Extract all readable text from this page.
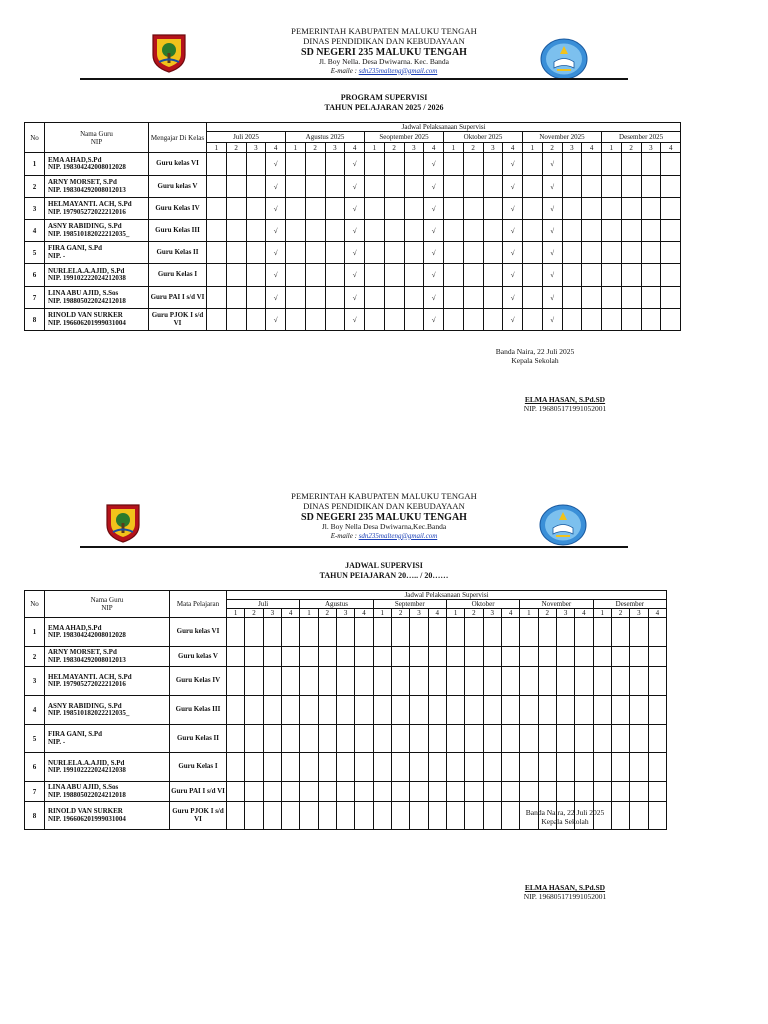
PEMERINTAH KABUPATEN MALUKU TENGAH
DINAS PENDIDIKAN DAN KEBUDAYAAN
SD NEGERI 235 MALUKU TENGAH
Jl. Boy Nella. Desa Dwiwarna. Kec. Banda
E-maile : sdn235malteng@gmail.com
PROGRAM SUPERVISI
TAHUN PELAJARAN 2025 / 2026
No	Nama Guru
NIP	Mengajar Di Kelas	Jadwal Pelaksanaan Supervisi																							
			Juli 2025				Agustus 2025				Seoptember 2025				Oktober 2025				November 2025				Desember 2025			
			1	2	3	4	1	2	3	4	1	2	3	4	1	2	3	4	1	2	3	4	1	2	3	4
1	EMA AHAD,S.Pd
NIP. 198304242008012028	Guru kelas VI				√				√				√				√		√						
2	ARNY MORSET, S.Pd
NIP. 198304292008012013	Guru kelas V				√				√				√				√		√						
3	HELMAYANTI. ACH, S.Pd
NIP. 197905272022212016	Guru Kelas IV				√				√				√				√		√						
4	ASNY RABIDING, S.Pd
NIP. 198510182022212035_	Guru Kelas III				√				√				√				√		√						
5	FIRA GANI, S.Pd
NIP. -	Guru Kelas II				√				√				√				√		√						
6	NURLELA.A.AJID, S.Pd
NIP. 199102222024212038	Guru Kelas I				√				√				√				√		√						
7	LINA ABU AJID, S.Sos
NIP. 198805022024212018	Guru PAI I s/d VI				√				√				√				√		√						
8	RINOLD VAN SURKER
NIP. 196606201999031004	Guru PJOK I s/d VI				√				√				√				√		√						
Banda Naira, 22 Juli 2025
Kepala Sekolah
ELMA HASAN, S.Pd.SD
NIP. 196805171991052001
PEMERINTAH KABUPATEN MALUKU TENGAH
DINAS PENDIDIKAN DAN KEBUDAYAAN
SD NEGERI 235 MALUKU TENGAH
Jl. Boy Nella Desa Dwiwarna,Kec.Banda
E-maile : sdn235malteng@gmail.com
JADWAL SUPERVISI
TAHUN PEIAJARAN 20….. / 20……
No	Nama Guru
NIP	Mata Pelajaran	Jadwal Pelaksanaan Supervisi																							
			Juli				Agustus				September				Oktober				November				Desember			
			1	2	3	4	1	2	3	4	1	2	3	4	1	2	3	4	1	2	3	4	1	2	3	4
1	EMA AHAD,S.Pd
NIP. 198304242008012028	Guru kelas VI																								
2	ARNY MORSET, S.Pd
NIP. 198304292008012013	Guru kelas V																								
3	HELMAYANTI. ACH, S.Pd
NIP. 197905272022212016	Guru Kelas IV																								
4	ASNY RABIDING, S.Pd
NIP. 198510182022212035_	Guru Kelas III																								
5	FIRA GANI, S.Pd
NIP. -	Guru Kelas II																								
6	NURLELA.A.AJID, S.Pd
NIP. 199102222024212038	Guru Kelas I																								
7	LINA ABU AJID, S.Sos
NIP. 198805022024212018	Guru PAI I s/d VI																								
8	RINOLD VAN SURKER
NIP. 196606201999031004	Guru PJOK I s/d VI																								
Banda Naira, 22 Juli 2025
Kepala Sekolah
ELMA HASAN, S.Pd.SD
NIP. 196805171991052001
